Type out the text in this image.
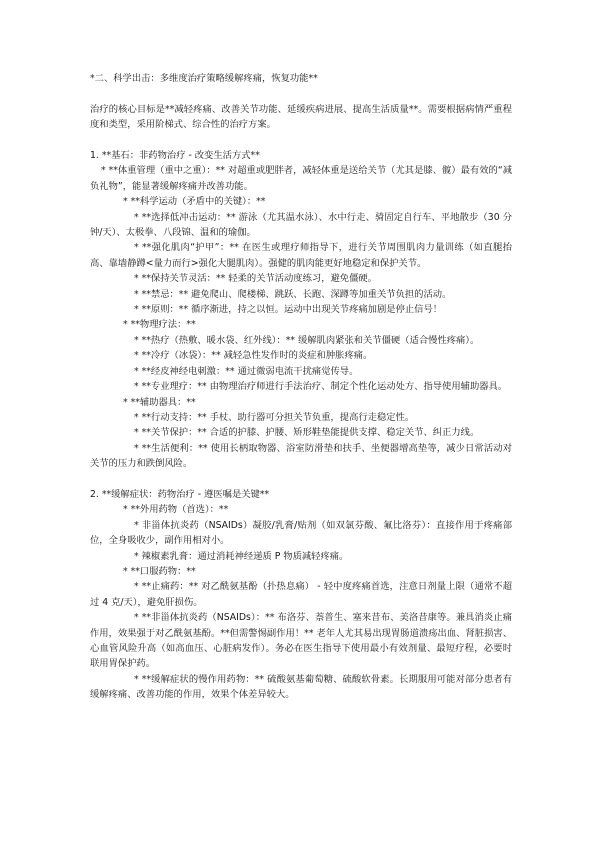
*二、科学出击：多维度治疗策略缓解疼痛，恢复功能**

治疗的核心目标是**减轻疼痛、改善关节功能、延缓疾病进展、提高生活质量**。需要根据病情严重程度和类型，采用阶梯式、综合性的治疗方案。

1. **基石：非药物治疗 - 改变生活方式**

* **体重管理（重中之重）：** 对超重或肥胖者，减轻体重是送给关节（尤其是膝、髋）最有效的“减负礼物”，能显著缓解疼痛并改善功能。

* **科学运动（矛盾中的关键）：**

* **选择低冲击运动：** 游泳（尤其温水泳）、水中行走、骑固定自行车、平地散步（30 分钟/天）、太极拳、八段锦、温和的瑜伽。

* **强化肌肉“护甲”：** 在医生或理疗师指导下，进行关节周围肌肉力量训练（如直腿抬高、靠墙静蹲<量力而行>强化大腿肌肉）。强健的肌肉能更好地稳定和保护关节。

* **保持关节灵活：** 轻柔的关节活动度练习，避免僵硬。

* **禁忌：** 避免爬山、爬楼梯、跳跃、长跑、深蹲等加重关节负担的活动。

* **原则：** 循序渐进，持之以恒。运动中出现关节疼痛加剧是停止信号！

* **物理疗法：**

* **热疗（热敷、暖水袋、红外线）：** 缓解肌肉紧张和关节僵硬（适合慢性疼痛）。

* **冷疗（冰袋）：** 减轻急性发作时的炎症和肿胀疼痛。

* **经皮神经电刺激：** 通过微弱电流干扰痛觉传导。

* **专业理疗：** 由物理治疗师进行手法治疗、制定个性化运动处方、指导使用辅助器具。

* **辅助器具：**

* **行动支持：** 手杖、助行器可分担关节负重，提高行走稳定性。

* **关节保护：** 合适的护膝、护腰、矫形鞋垫能提供支撑、稳定关节、纠正力线。

* **生活便利：** 使用长柄取物器、浴室防滑垫和扶手、坐便器增高垫等，减少日常活动对关节的压力和跌倒风险。

2. **缓解症状：药物治疗 - 遵医嘱是关键**

* **外用药物（首选）：**

* 非甾体抗炎药（NSAIDs）凝胶/乳膏/贴剂（如双氯芬酸、氟比洛芬）：直接作用于疼痛部位，全身吸收少，副作用相对小。

* 辣椒素乳膏：通过消耗神经递质 P 物质减轻疼痛。

* **口服药物：**

* **止痛药：** 对乙酰氨基酚（扑热息痛） - 轻中度疼痛首选，注意日剂量上限（通常不超过 4 克/天），避免肝损伤。

* **非甾体抗炎药（NSAIDs）：** 布洛芬、萘普生、塞来昔布、美洛昔康等。兼具消炎止痛作用，效果强于对乙酰氨基酚。**但需警惕副作用！** 老年人尤其易出现胃肠道溃疡出血、肾脏损害、心血管风险升高（如高血压、心脏病发作）。务必在医生指导下使用最小有效剂量、最短疗程，必要时联用胃保护药。

* **缓解症状的慢作用药物：** 硫酸氨基葡萄糖、硫酸软骨素。长期服用可能对部分患者有缓解疼痛、改善功能的作用，效果个体差异较大。
